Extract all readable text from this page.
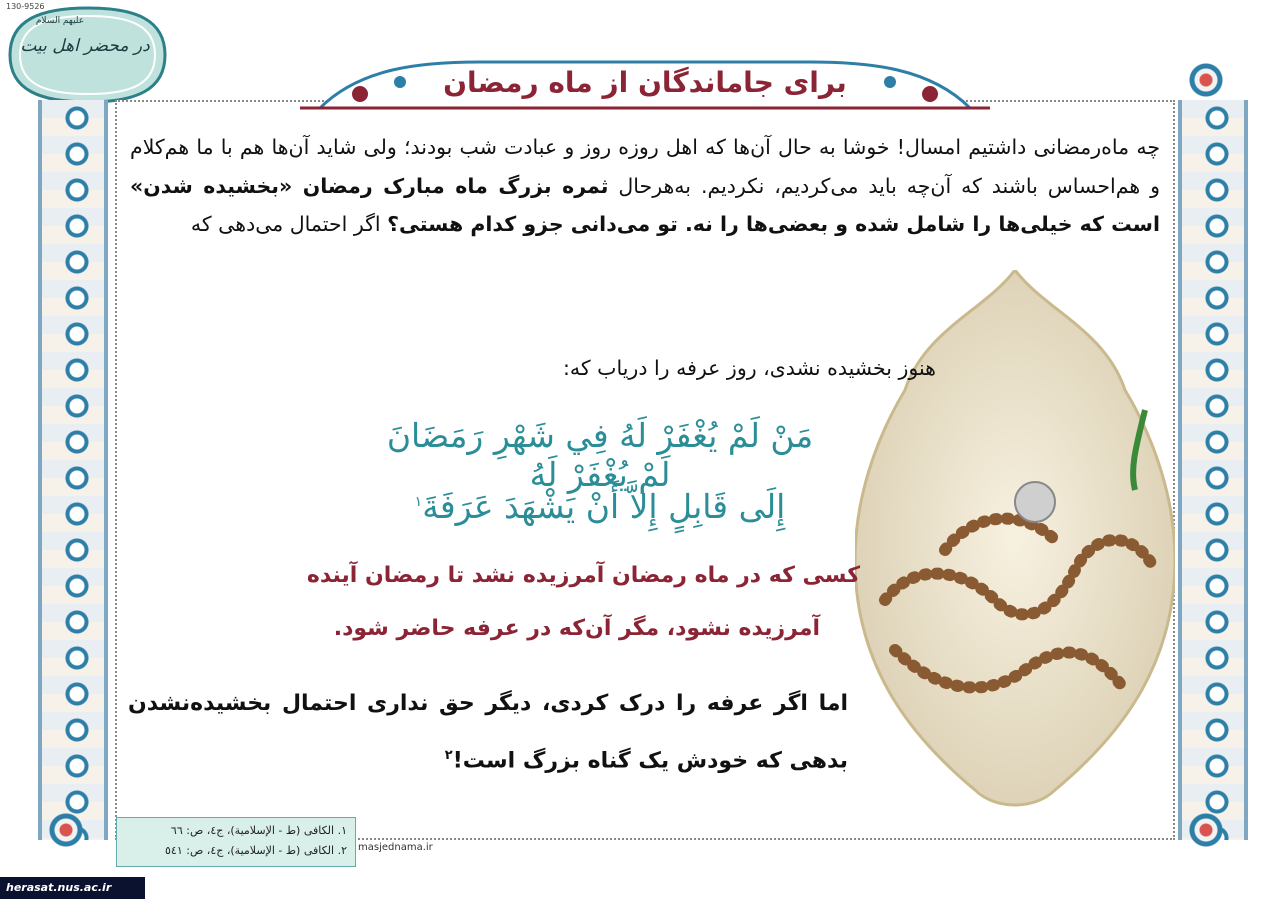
130-9526
در محضر اهل بیت
علیهم السلام
برای جاماندگان از ماه رمضان
چه ماه‌رمضانی داشتیم امسال! خوشا به حال آن‌ها که اهل روزه روز و عبادت شب بودند؛ ولی شاید آن‌ها هم با ما هم‌کلام و هم‌احساس باشند که آن‌چه باید می‌کردیم، نکردیم. به‌هرحال ثمره بزرگ ماه مبارک رمضان «بخشیده شدن» است که خیلی‌ها را شامل شده و بعضی‌ها را نه. تو می‌دانی جزو کدام هستی؟ اگر احتمال می‌دهی که
هنوز بخشیده نشدی، روز عرفه را دریاب که:
مَنْ لَمْ يُغْفَرْ لَهُ فِي شَهْرِ رَمَضَانَ لَمْ يُغْفَرْ لَهُ
إِلَى قَابِلٍ إِلاَّ أَنْ يَشْهَدَ عَرَفَةَ$^١$
کسی که در ماه رمضان آمرزیده نشد تا رمضان آینده
آمرزیده نشود، مگر آن‌که در عرفه حاضر شود.
اما اگر عرفه را درک کردی، دیگر حق نداری احتمال بخشیده‌نشدن بدهی که خودش یک گناه بزرگ است!$^٢$
١. الکافی (ط - الإسلامیة)، ج٤، ص: ٦٦
٢. الکافی (ط - الإسلامیة)، ج٤، ص: ٥٤١ masjednama.ir
herasat.nus.ac.ir
